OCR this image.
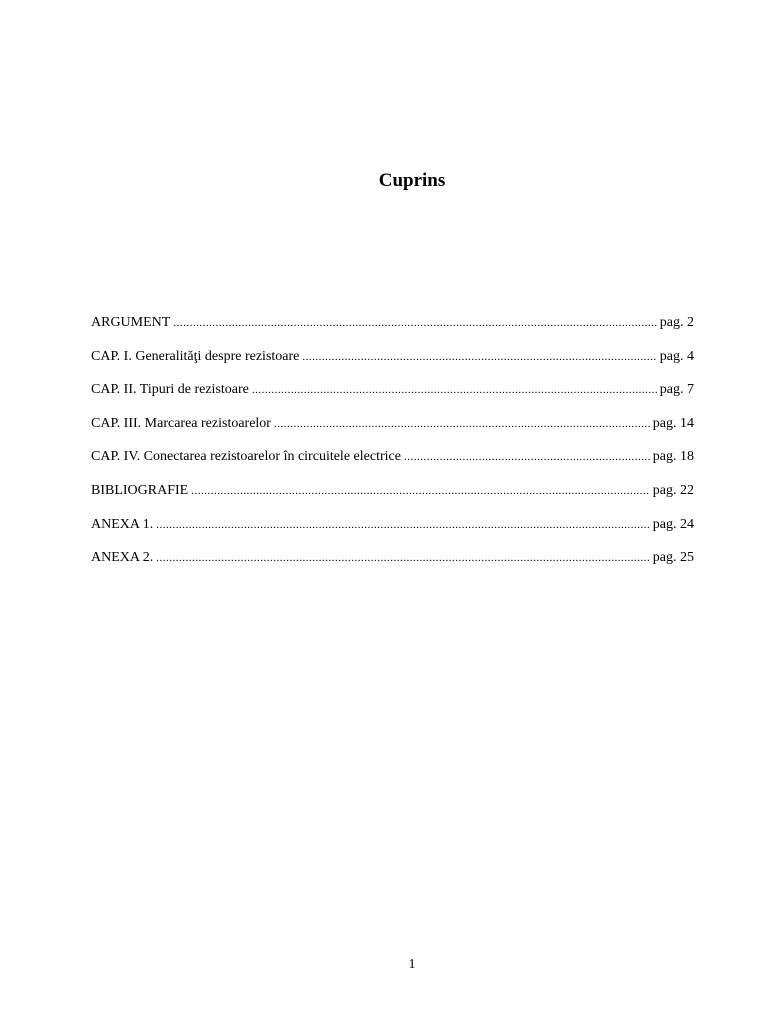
Cuprins
ARGUMENT .....	pag. 2
CAP. I. Generalităţi despre rezistoare .....	pag. 4
CAP. II. Tipuri de rezistoare .....	pag. 7
CAP. III. Marcarea rezistoarelor .....	pag. 14
CAP. IV. Conectarea rezistoarelor în circuitele electrice .....	pag. 18
BIBLIOGRAFIE .....	pag. 22
ANEXA 1. .....	pag. 24
ANEXA 2. .....	pag. 25
1
